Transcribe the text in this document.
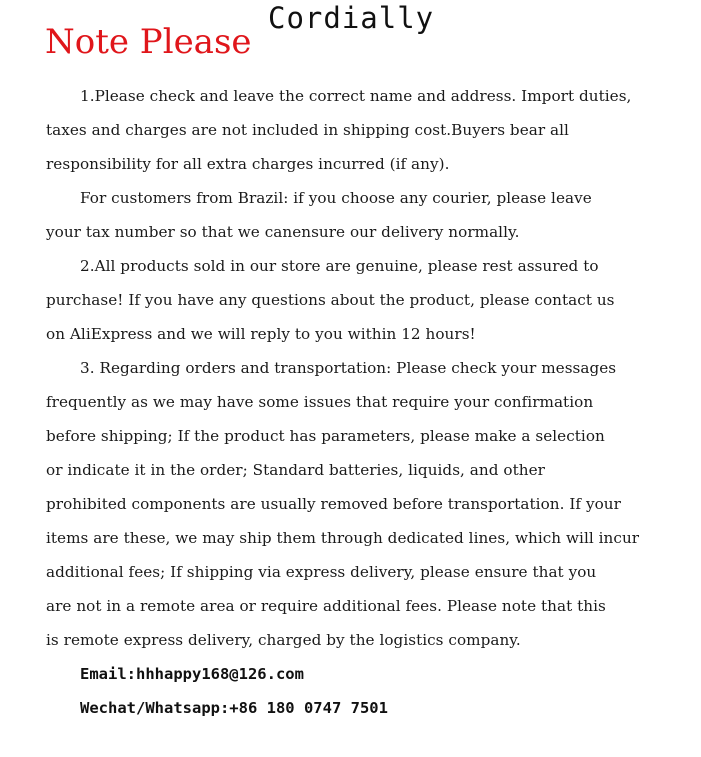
Cordially
Note Please
1.Please check and leave the correct name and address. Import duties,
taxes and charges are not included in shipping cost.Buyers bear all
responsibility for all extra charges incurred (if any).
For customers from Brazil: if you choose any courier, please leave
your tax number so that we canensure our delivery normally.
2.All products sold in our store are genuine, please rest assured to
purchase! If you have any questions about the product, please contact us
on AliExpress and we will reply to you within 12 hours!
3. Regarding orders and transportation: Please check your messages
frequently as we may have some issues that require your confirmation
before shipping; If the product has parameters, please make a selection
or indicate it in the order; Standard batteries, liquids, and other
prohibited components are usually removed before transportation. If your
items are these, we may ship them through dedicated lines, which will incur
additional fees; If shipping via express delivery, please ensure that you
are not in a remote area or require additional fees. Please note that this
is remote express delivery, charged by the logistics company.
Email:hhhappy168@126.com
Wechat/Whatsapp:+86 180 0747 7501
